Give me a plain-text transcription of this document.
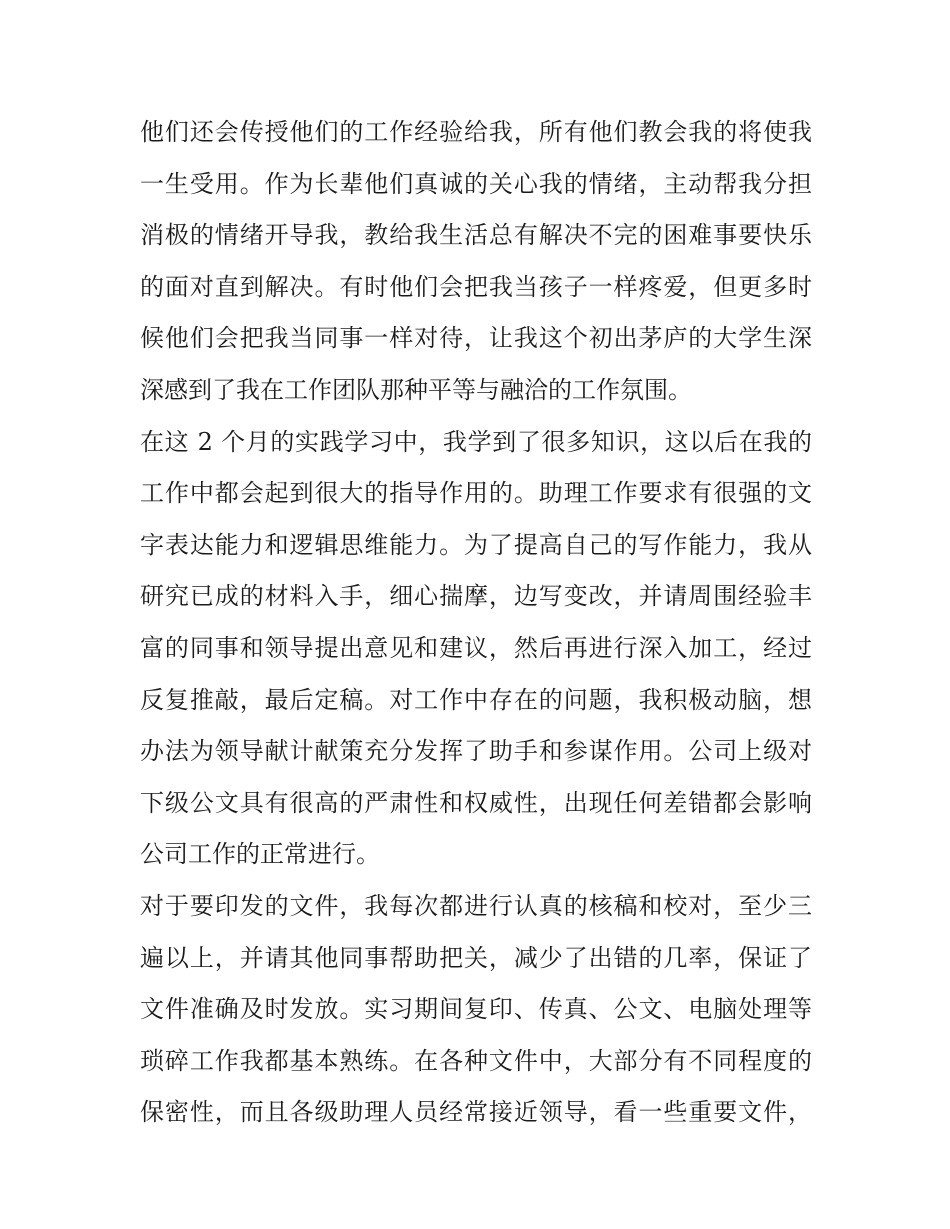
他们还会传授他们的工作经验给我，所有他们教会我的将使我
一生受用。作为长辈他们真诚的关心我的情绪，主动帮我分担
消极的情绪开导我，教给我生活总有解决不完的困难事要快乐
的面对直到解决。有时他们会把我当孩子一样疼爱，但更多时
候他们会把我当同事一样对待，让我这个初出茅庐的大学生深
深感到了我在工作团队那种平等与融洽的工作氛围。
在这 2 个月的实践学习中，我学到了很多知识，这以后在我的
工作中都会起到很大的指导作用的。助理工作要求有很强的文
字表达能力和逻辑思维能力。为了提高自己的写作能力，我从
研究已成的材料入手，细心揣摩，边写变改，并请周围经验丰
富的同事和领导提出意见和建议，然后再进行深入加工，经过
反复推敲，最后定稿。对工作中存在的问题，我积极动脑，想
办法为领导献计献策充分发挥了助手和参谋作用。公司上级对
下级公文具有很高的严肃性和权威性，出现任何差错都会影响
公司工作的正常进行。
对于要印发的文件，我每次都进行认真的核稿和校对，至少三
遍以上，并请其他同事帮助把关，减少了出错的几率，保证了
文件准确及时发放。实习期间复印、传真、公文、电脑处理等
琐碎工作我都基本熟练。在各种文件中，大部分有不同程度的
保密性，而且各级助理人员经常接近领导，看一些重要文件，
